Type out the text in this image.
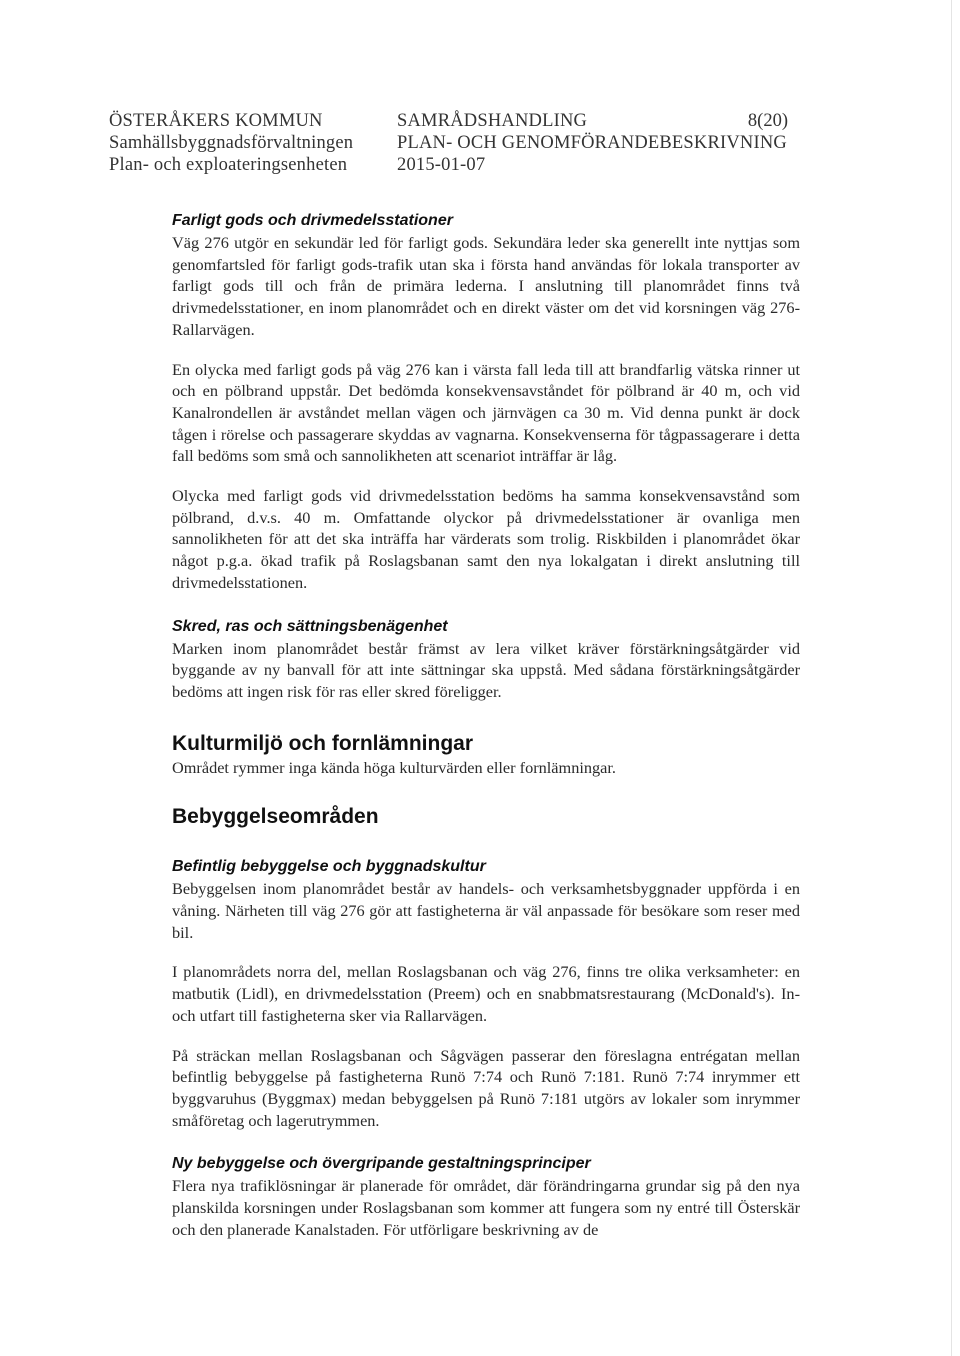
ÖSTERÅKERS KOMMUN
Samhällsbyggnadsförvaltningen
Plan- och exploateringsenheten
SAMRÅDSHANDLING
PLAN- OCH GENOMFÖRANDEBESKRIVNING
2015-01-07
8(20)
Farligt gods och drivmedelsstationer

Väg 276 utgör en sekundär led för farligt gods. Sekundära leder ska generellt inte nyttjas som genomfartsled för farligt gods-trafik utan ska i första hand användas för lokala transporter av farligt gods till och från de primära lederna. I anslutning till planområdet finns två drivmedelsstationer, en inom planområdet och en direkt väster om det vid korsningen väg 276-Rallarvägen.

En olycka med farligt gods på väg 276 kan i värsta fall leda till att brandfarlig vätska rinner ut och en pölbrand uppstår. Det bedömda konsekvensavståndet för pölbrand är 40 m, och vid Kanalrondellen är avståndet mellan vägen och järnvägen ca 30 m. Vid denna punkt är dock tågen i rörelse och passagerare skyddas av vagnarna. Konsekvenserna för tågpassagerare i detta fall bedöms som små och sannolikheten att scenariot inträffar är låg.

Olycka med farligt gods vid drivmedelsstation bedöms ha samma konsekvensavstånd som pölbrand, d.v.s. 40 m. Omfattande olyckor på drivmedelsstationer är ovanliga men sannolikheten för att det ska inträffa har värderats som trolig. Riskbilden i planområdet ökar något p.g.a. ökad trafik på Roslagsbanan samt den nya lokalgatan i direkt anslutning till drivmedelsstationen.

Skred, ras och sättningsbenägenhet

Marken inom planområdet består främst av lera vilket kräver förstärkningsåtgärder vid byggande av ny banvall för att inte sättningar ska uppstå. Med sådana förstärkningsåtgärder bedöms att ingen risk för ras eller skred föreligger.

Kulturmiljö och fornlämningar

Området rymmer inga kända höga kulturvärden eller fornlämningar.

Bebyggelseområden
Befintlig bebyggelse och byggnadskultur

Bebyggelsen inom planområdet består av handels- och verksamhetsbyggnader uppförda i en våning. Närheten till väg 276 gör att fastigheterna är väl anpassade för besökare som reser med bil.

I planområdets norra del, mellan Roslagsbanan och väg 276, finns tre olika verksamheter: en matbutik (Lidl), en drivmedelsstation (Preem) och en snabbmatsrestaurang (McDonald's). In- och utfart till fastigheterna sker via Rallarvägen.

På sträckan mellan Roslagsbanan och Sågvägen passerar den föreslagna entrégatan mellan befintlig bebyggelse på fastigheterna Runö 7:74 och Runö 7:181. Runö 7:74 inrymmer ett byggvaruhus (Byggmax) medan bebyggelsen på Runö 7:181 utgörs av lokaler som inrymmer småföretag och lagerutrymmen.

Ny bebyggelse och övergripande gestaltningsprinciper

Flera nya trafiklösningar är planerade för området, där förändringarna grundar sig på den nya planskilda korsningen under Roslagsbanan som kommer att fungera som ny entré till Österskär och den planerade Kanalstaden. För utförligare beskrivning av de
